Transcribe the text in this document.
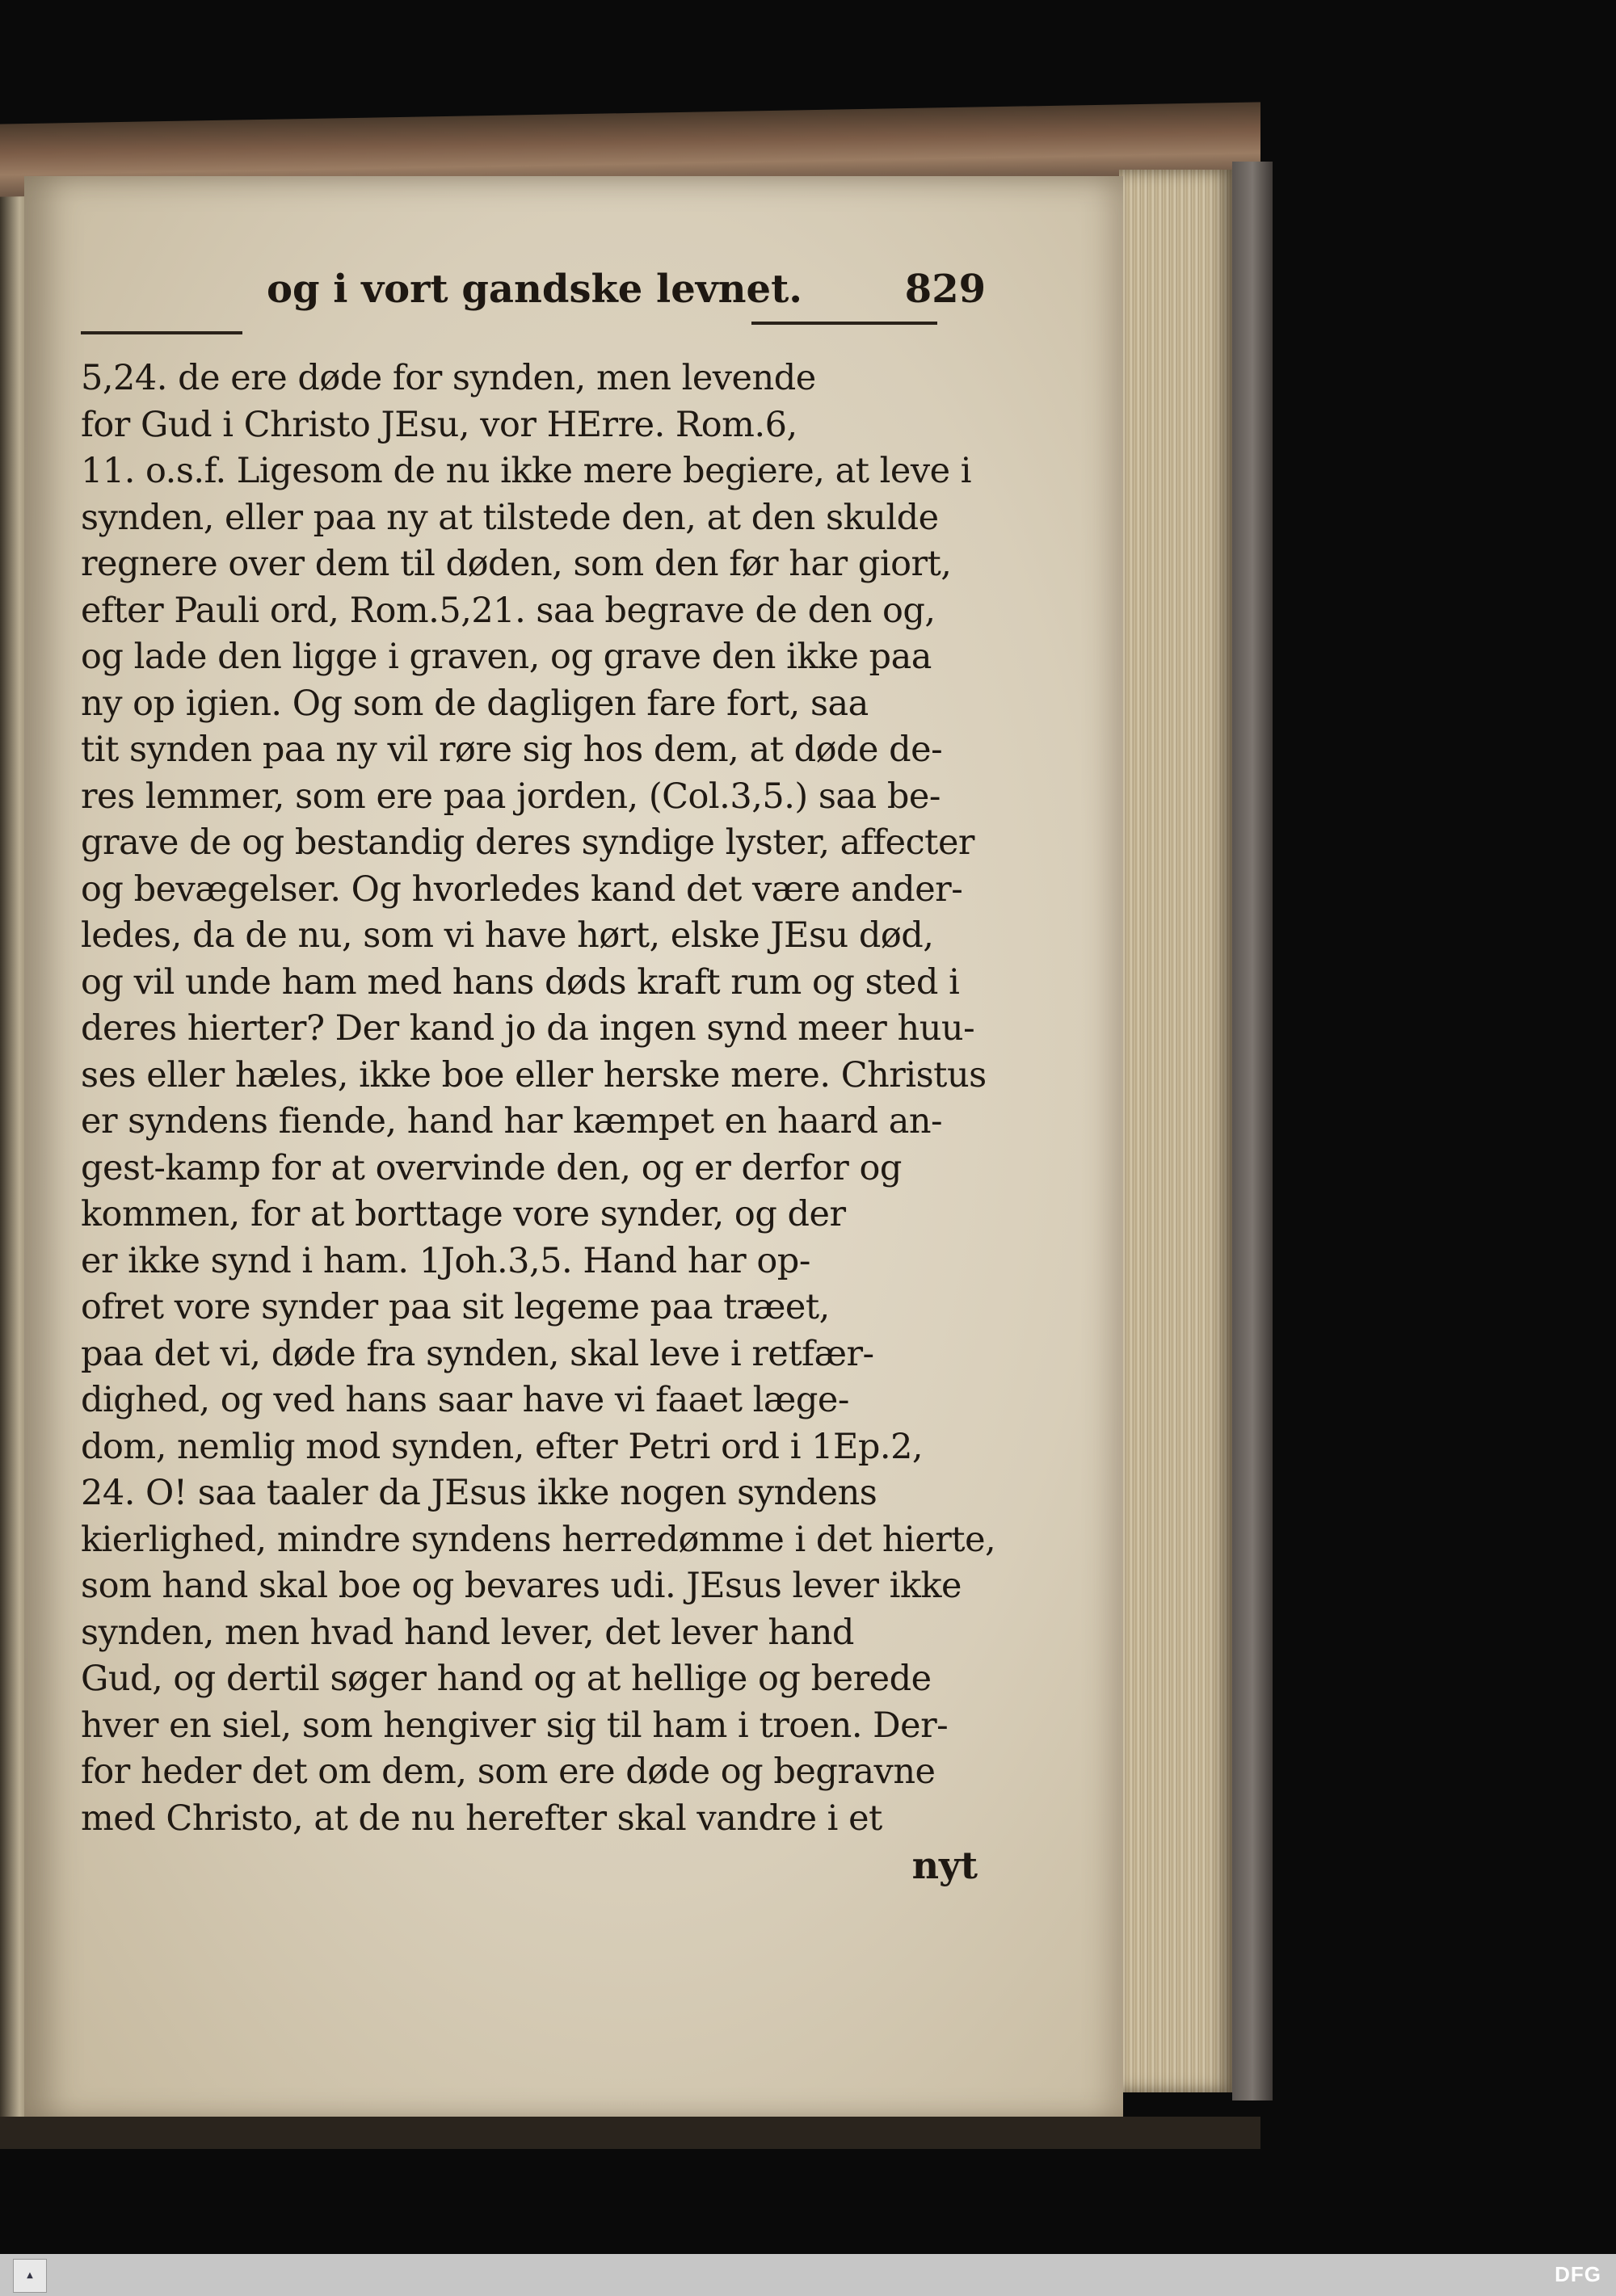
og i vort gandske levnet.	829
5,24. de ere døde for synden, men levende
for Gud i Christo JEsu, vor HErre. Rom.6,
11. o.s.f. Ligesom de nu ikke mere begiere, at leve i
synden, eller paa ny at tilstede den, at den skulde
regnere over dem til døden, som den før har giort,
efter Pauli ord, Rom.5,21. saa begrave de den og,
og lade den ligge i graven, og grave den ikke paa
ny op igien. Og som de dagligen fare fort, saa
tit synden paa ny vil røre sig hos dem, at døde de-
res lemmer, som ere paa jorden, (Col.3,5.) saa be-
grave de og bestandig deres syndige lyster, affecter
og bevægelser. Og hvorledes kand det være ander-
ledes, da de nu, som vi have hørt, elske JEsu død,
og vil unde ham med hans døds kraft rum og sted i
deres hierter? Der kand jo da ingen synd meer huu-
ses eller hæles, ikke boe eller herske mere. Christus
er syndens fiende, hand har kæmpet en haard an-
gest-kamp for at overvinde den, og er derfor og
kommen, for at borttage vore synder, og der
er ikke synd i ham. 1Joh.3,5. Hand har op-
ofret vore synder paa sit legeme paa træet,
paa det vi, døde fra synden, skal leve i retfær-
dighed, og ved hans saar have vi faaet læge-
dom, nemlig mod synden, efter Petri ord i 1Ep.2,
24. O! saa taaler da JEsus ikke nogen syndens
kierlighed, mindre syndens herredømme i det hierte,
som hand skal boe og bevares udi. JEsus lever ikke
synden, men hvad hand lever, det lever hand
Gud, og dertil søger hand og at hellige og berede
hver en siel, som hengiver sig til ham i troen. Der-
for heder det om dem, som ere døde og begravne
med Christo, at de nu herefter skal vandre i et
nyt
▲	DFG
